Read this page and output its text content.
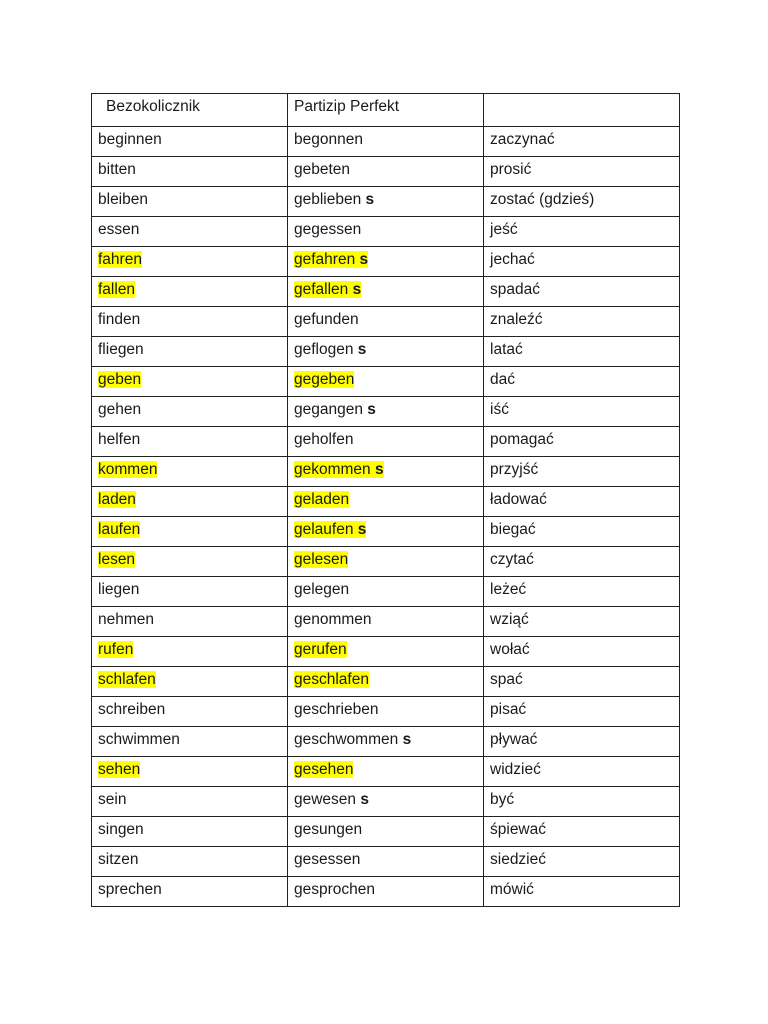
Bezokolicznik	Partizip Perfekt	
beginnen	begonnen	zaczynać
bitten	gebeten	prosić
bleiben	geblieben s	zostać (gdzieś)
essen	gegessen	jeść
fahren	gefahren s	jechać
fallen	gefallen s	spadać
finden	gefunden	znaleźć
fliegen	geflogen s	latać
geben	gegeben	dać
gehen	gegangen s	iść
helfen	geholfen	pomagać
kommen	gekommen s	przyjść
laden	geladen	ładować
laufen	gelaufen s	biegać
lesen	gelesen	czytać
liegen	gelegen	leżeć
nehmen	genommen	wziąć
rufen	gerufen	wołać
schlafen	geschlafen	spać
schreiben	geschrieben	pisać
schwimmen	geschwommen s	pływać
sehen	gesehen	widzieć
sein	gewesen s	być
singen	gesungen	śpiewać
sitzen	gesessen	siedzieć
sprechen	gesprochen	mówić
